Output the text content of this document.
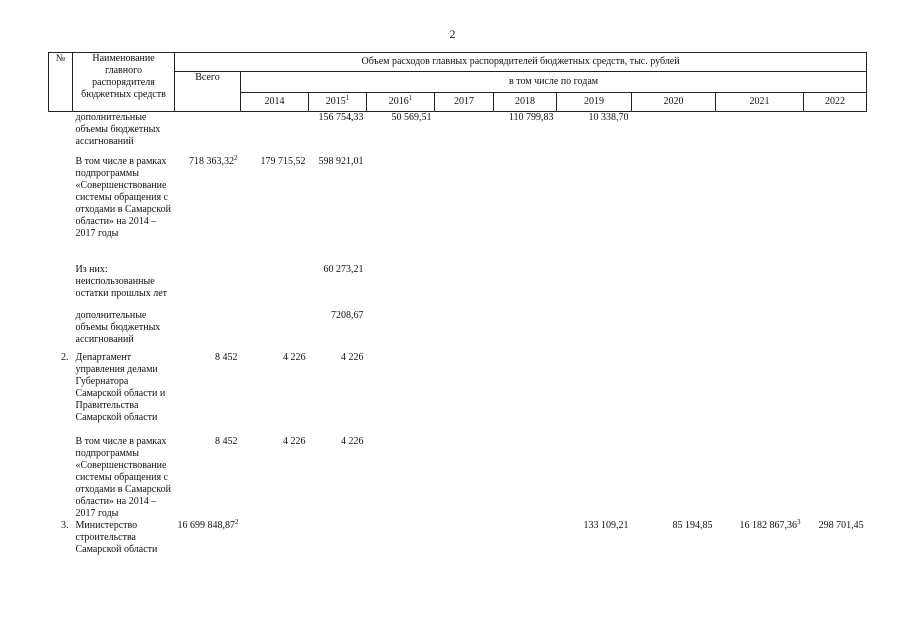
2
№	Наименование главного распорядителя бюджетных средств	Объем расходов главных распорядителей бюджетных средств, тыс. рублей									
		Всего	в том числе по годам								
			2014	2015$^1$	2016$^1$	2017	2018	2019	2020	2021	2022
	дополнительные объемы бюджетных ассигнований			156 754,33	50 569,51		110 799,83	10 338,70			
	В том числе в рамках подпрограммы «Совершенствование системы обращения с отходами в Самарской области» на 2014 – 2017 годы	718 363,32$^2$	179 715,52	598 921,01							
	Из них: неиспользованные остатки прошлых лет			60 273,21							
	дополнительные объемы бюджетных ассигнований			7208,67							
2.	Департамент управления делами Губернатора Самарской области и Правительства Самарской области	8 452	4 226	4 226							
	В том числе в рамках подпрограммы «Совершенствование системы обращения с отходами в Самарской области» на 2014 – 2017 годы	8 452	4 226	4 226							
3.	Министерство строительства Самарской области	16 699 848,87$^2$						133 109,21	85 194,85	16 182 867,36$^3$	298 701,45
